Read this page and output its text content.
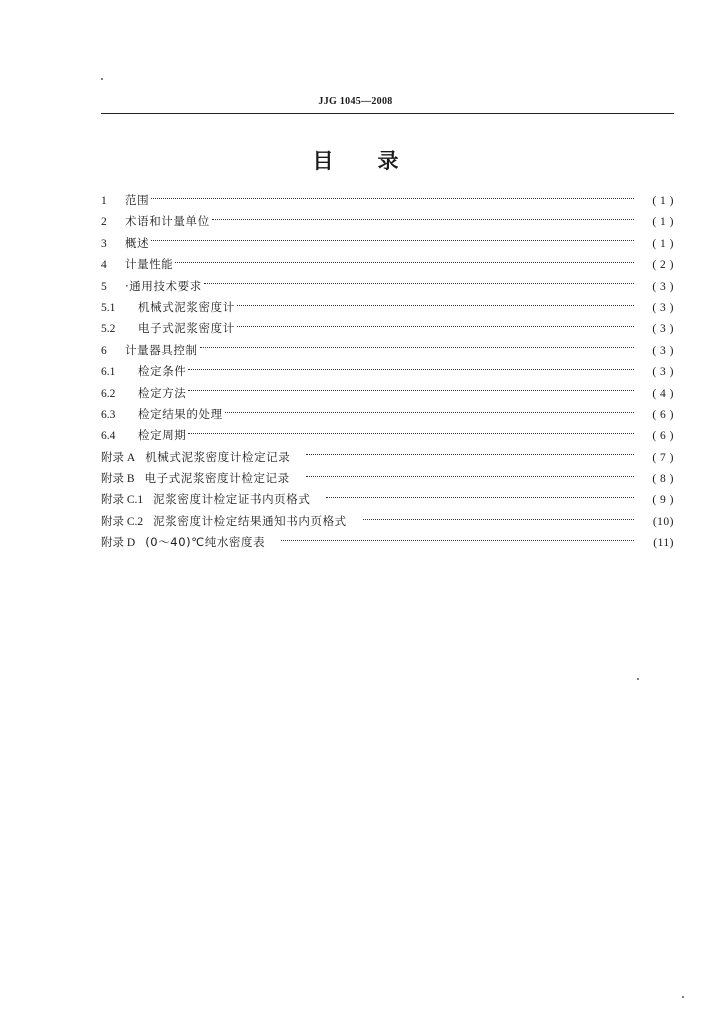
JJG 1045—2008
目 录
1	范围	( 1 )
2	术语和计量单位	( 1 )
3	概述	( 1 )
4	计量性能	( 2 )
5	·通用技术要求	( 3 )
5.1	机械式泥浆密度计	( 3 )
5.2	电子式泥浆密度计	( 3 )
6	计量器具控制	( 3 )
6.1	检定条件	( 3 )
6.2	检定方法	( 4 )
6.3	检定结果的处理	( 6 )
6.4	检定周期	( 6 )
附录 A 机械式泥浆密度计检定记录	( 7 )
附录 B 电子式泥浆密度计检定记录	( 8 )
附录 C.1 泥浆密度计检定证书内页格式	( 9 )
附录 C.2 泥浆密度计检定结果通知书内页格式	(10)
附录 D (0～40)℃纯水密度表	(11)
